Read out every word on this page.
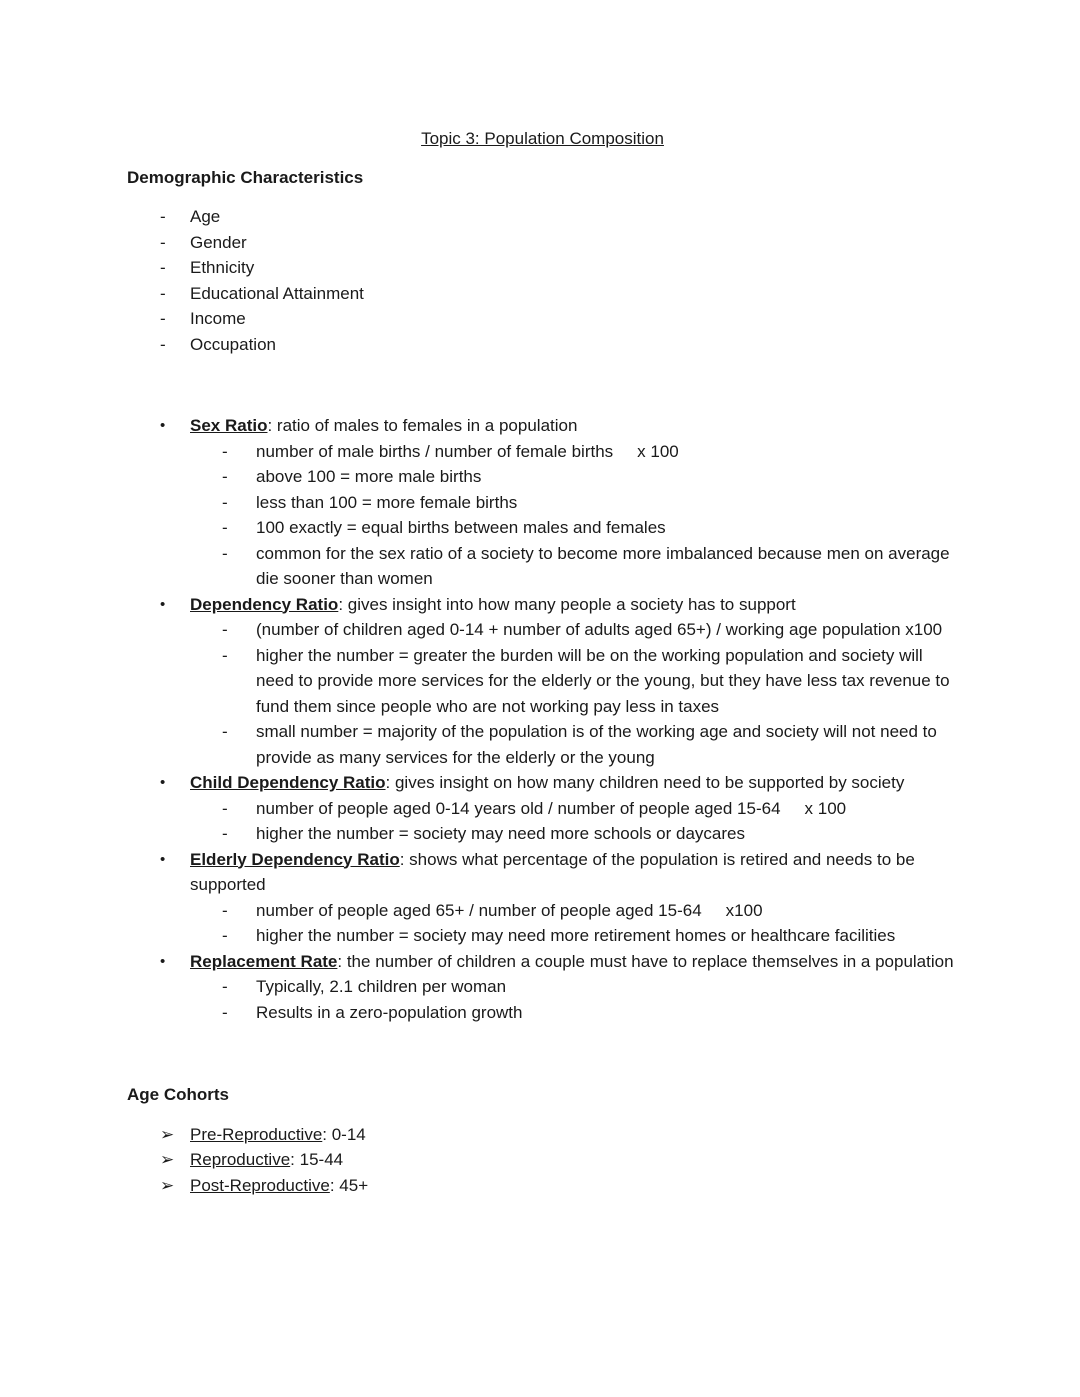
Topic 3: Population Composition
Demographic Characteristics
- Age
- Gender
- Ethnicity
- Educational Attainment
- Income
- Occupation
• Sex Ratio: ratio of males to females in a population
- number of male births / number of female births x 100
- above 100 = more male births
- less than 100 = more female births
- 100 exactly = equal births between males and females
- common for the sex ratio of a society to become more imbalanced because men on average die sooner than women
• Dependency Ratio: gives insight into how many people a society has to support
- (number of children aged 0-14 + number of adults aged 65+) / working age population x100
- higher the number = greater the burden will be on the working population and society will need to provide more services for the elderly or the young, but they have less tax revenue to fund them since people who are not working pay less in taxes
- small number = majority of the population is of the working age and society will not need to provide as many services for the elderly or the young
• Child Dependency Ratio: gives insight on how many children need to be supported by society
- number of people aged 0-14 years old / number of people aged 15-64 x 100
- higher the number = society may need more schools or daycares
• Elderly Dependency Ratio: shows what percentage of the population is retired and needs to be supported
- number of people aged 65+ / number of people aged 15-64 x100
- higher the number = society may need more retirement homes or healthcare facilities
• Replacement Rate: the number of children a couple must have to replace themselves in a population
- Typically, 2.1 children per woman
- Results in a zero-population growth
Age Cohorts
➢ Pre-Reproductive: 0-14
➢ Reproductive: 15-44
➢ Post-Reproductive: 45+
